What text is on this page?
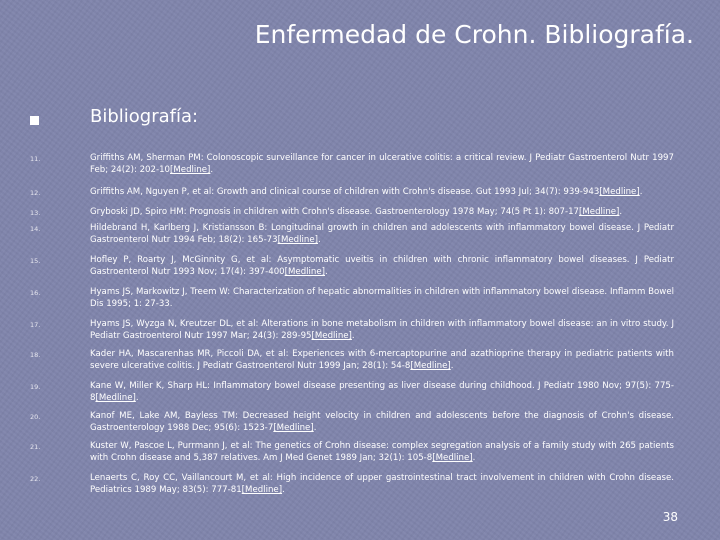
Enfermedad de Crohn. Bibliografía.
Bibliografía:
11.	Griffiths AM, Sherman PM: Colonoscopic surveillance for cancer in ulcerative colitis: a critical review. J Pediatr Gastroenterol Nutr 1997 Feb; 24(2): 202-10[Medline].
12.	Griffiths AM, Nguyen P, et al: Growth and clinical course of children with Crohn's disease. Gut 1993 Jul; 34(7): 939-943[Medline].
13.	Gryboski JD, Spiro HM: Prognosis in children with Crohn's disease. Gastroenterology 1978 May; 74(5 Pt 1): 807-17[Medline].
14.	Hildebrand H, Karlberg J, Kristiansson B: Longitudinal growth in children and adolescents with inflammatory bowel disease. J Pediatr Gastroenterol Nutr 1994 Feb; 18(2): 165-73[Medline].
15.	Hofley P, Roarty J, McGinnity G, et al: Asymptomatic uveitis in children with chronic inflammatory bowel diseases. J Pediatr Gastroenterol Nutr 1993 Nov; 17(4): 397-400[Medline].
16.	Hyams JS, Markowitz J, Treem W: Characterization of hepatic abnormalities in children with inflammatory bowel disease. Inflamm Bowel Dis 1995; 1: 27-33.
17.	Hyams JS, Wyzga N, Kreutzer DL, et al: Alterations in bone metabolism in children with inflammatory bowel disease: an in vitro study. J Pediatr Gastroenterol Nutr 1997 Mar; 24(3): 289-95[Medline].
18.	Kader HA, Mascarenhas MR, Piccoli DA, et al: Experiences with 6-mercaptopurine and azathioprine therapy in pediatric patients with severe ulcerative colitis. J Pediatr Gastroenterol Nutr 1999 Jan; 28(1): 54-8[Medline].
19.	Kane W, Miller K, Sharp HL: Inflammatory bowel disease presenting as liver disease during childhood. J Pediatr 1980 Nov; 97(5): 775-8[Medline].
20.	Kanof ME, Lake AM, Bayless TM: Decreased height velocity in children and adolescents before the diagnosis of Crohn's disease. Gastroenterology 1988 Dec; 95(6): 1523-7[Medline].
21.	Kuster W, Pascoe L, Purrmann J, et al: The genetics of Crohn disease: complex segregation analysis of a family study with 265 patients with Crohn disease and 5,387 relatives. Am J Med Genet 1989 Jan; 32(1): 105-8[Medline].
22.	Lenaerts C, Roy CC, Vaillancourt M, et al: High incidence of upper gastrointestinal tract involvement in children with Crohn disease. Pediatrics 1989 May; 83(5): 777-81[Medline].
38
